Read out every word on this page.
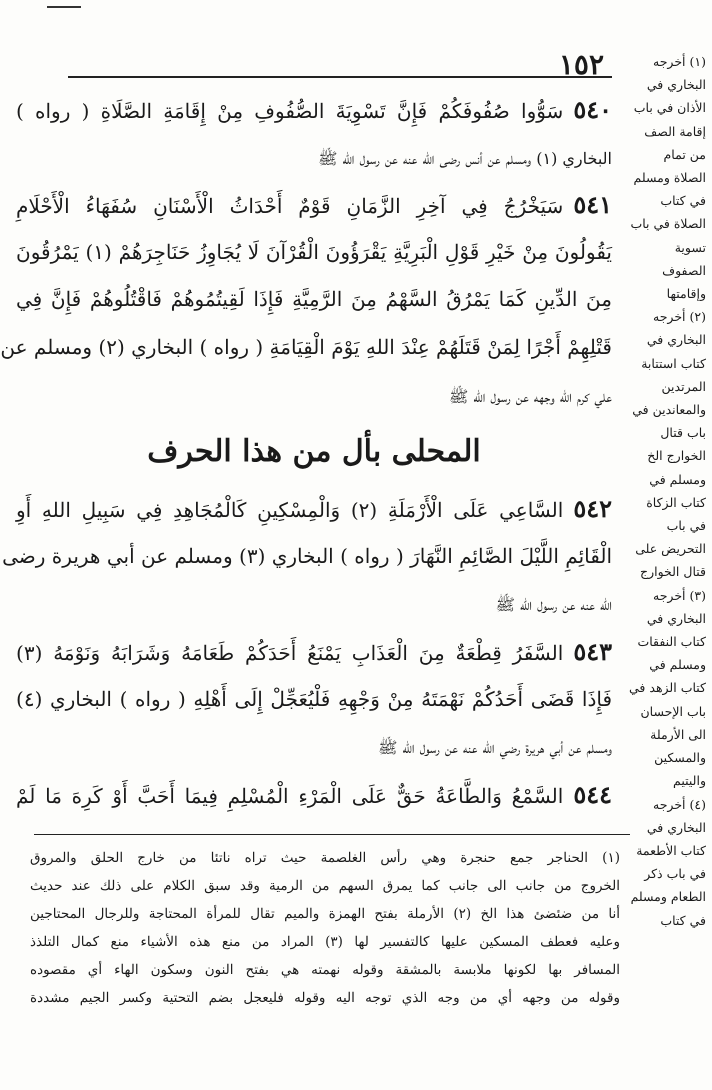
(١) أخرجه البخاري في الأذان في باب إقامة الصف من تمام الصلاة ومسلم في كتاب الصلاة في باب تسوية الصفوف وإقامتها
(٢) أخرجه البخاري في كتاب استتابة المرتدين والمعاندين في باب قتال الخوارج الخ ومسلم في كتاب الزكاة في باب التحريض على قتال الخوارج
(٣) أخرجه البخاري في كتاب النفقات ومسلم في كتاب الزهد في باب الإحسان الى الأرملة والمسكين واليتيم
(٤) أخرجه البخاري في كتاب الأطعمة في باب ذكر الطعام ومسلم في كتاب
١٥٢
٥٤٠سَوُّوا صُفُوفَكُمْ فَإِنَّ تَسْوِيَةَ الصُّفُوفِ مِنْ إِقَامَةِ الصَّلَاةِ ( رواه )
البخاري (١) ومسلم عن أنس رضى الله عنه عن رسول الله ﷺ
٥٤١سَيَخْرُجُ فِي آخِرِ الزَّمَانِ قَوْمٌ أَحْدَاثُ الْأَسْنَانِ سُفَهَاءُ الْأَحْلَامِ
يَقُولُونَ مِنْ خَيْرِ قَوْلِ الْبَرِيَّةِ يَقْرَؤُونَ الْقُرْآنَ لَا يُجَاوِزُ حَنَاجِرَهُمْ (١) يَمْرُقُونَ
مِنَ الدِّينِ كَمَا يَمْرُقُ السَّهْمُ مِنَ الرَّمِيَّةِ فَإِذَا لَقِيتُمُوهُمْ فَاقْتُلُوهُمْ فَإِنَّ فِي
قَتْلِهِمْ أَجْرًا لِمَنْ قَتَلَهُمْ عِنْدَ اللهِ يَوْمَ الْقِيَامَةِ ( رواه ) البخاري (٢) ومسلم عن
علي كرم الله وجهه عن رسول الله ﷺ
المحلى بأل من هذا الحرف
٥٤٢السَّاعِي عَلَى الْأَرْمَلَةِ (٢) وَالْمِسْكِينِ كَالْمُجَاهِدِ فِي سَبِيلِ اللهِ أَوِ
الْقَائِمِ اللَّيْلَ الصَّائِمِ النَّهَارَ ( رواه ) البخاري (٣) ومسلم عن أبي هريرة رضى
الله عنه عن رسول الله ﷺ
٥٤٣السَّفَرُ قِطْعَةٌ مِنَ الْعَذَابِ يَمْنَعُ أَحَدَكُمْ طَعَامَهُ وَشَرَابَهُ وَنَوْمَهُ (٣)
فَإِذَا قَضَى أَحَدُكُمْ نَهْمَتَهُ مِنْ وَجْهِهِ فَلْيُعَجِّلْ إِلَى أَهْلِهِ ( رواه ) البخاري (٤)
ومسلم عن أبي هريرة رضي الله عنه عن رسول الله ﷺ
٥٤٤السَّمْعُ وَالطَّاعَةُ حَقٌّ عَلَى الْمَرْءِ الْمُسْلِمِ فِيمَا أَحَبَّ أَوْ كَرِهَ مَا لَمْ
(١) الحناجر جمع حنجرة وهي رأس الغلصمة حيث تراه ناتئا من خارج الحلق والمروق
الخروج من جانب الى جانب كما يمرق السهم من الرمية وقد سبق الكلام على ذلك عند حديث
أنا من ضئضئ هذا الخ (٢) الأرملة بفتح الهمزة والميم تقال للمرأة المحتاجة وللرجال المحتاجين
وعليه فعطف المسكين عليها كالتفسير لها (٣) المراد من منع هذه الأشياء منع كمال التلذذ
المسافر بها لكونها ملابسة بالمشقة وقوله نهمته هي بفتح النون وسكون الهاء أي مقصوده
وقوله من وجهه أي من وجه الذي توجه اليه وقوله فليعجل بضم التحتية وكسر الجيم مشددة
